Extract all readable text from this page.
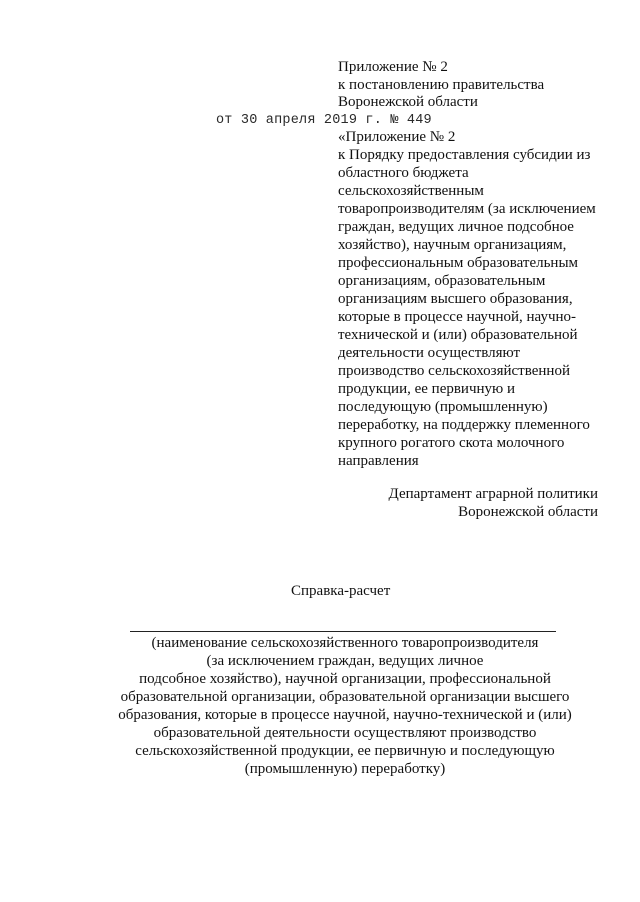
Приложение № 2
к постановлению правительства
Воронежской области
от 30 апреля 2019 г. № 449
«Приложение № 2
к Порядку предоставления субсидии из
областного бюджета
сельскохозяйственным
товаропроизводителям (за исключением
граждан, ведущих личное подсобное
хозяйство), научным организациям,
профессиональным образовательным
организациям, образовательным
организациям высшего образования,
которые в процессе научной, научно-
технической и (или) образовательной
деятельности осуществляют
производство сельскохозяйственной
продукции, ее первичную и
последующую (промышленную)
переработку, на поддержку племенного
крупного рогатого скота молочного
направления
Департамент аграрной политики
Воронежской области
Справка-расчет
(наименование сельскохозяйственного товаропроизводителя
(за исключением граждан, ведущих личное
подсобное хозяйство), научной организации, профессиональной
образовательной организации, образовательной организации высшего
образования, которые в процессе научной, научно-технической и (или)
образовательной деятельности осуществляют производство
сельскохозяйственной продукции, ее первичную и последующую
(промышленную) переработку)
